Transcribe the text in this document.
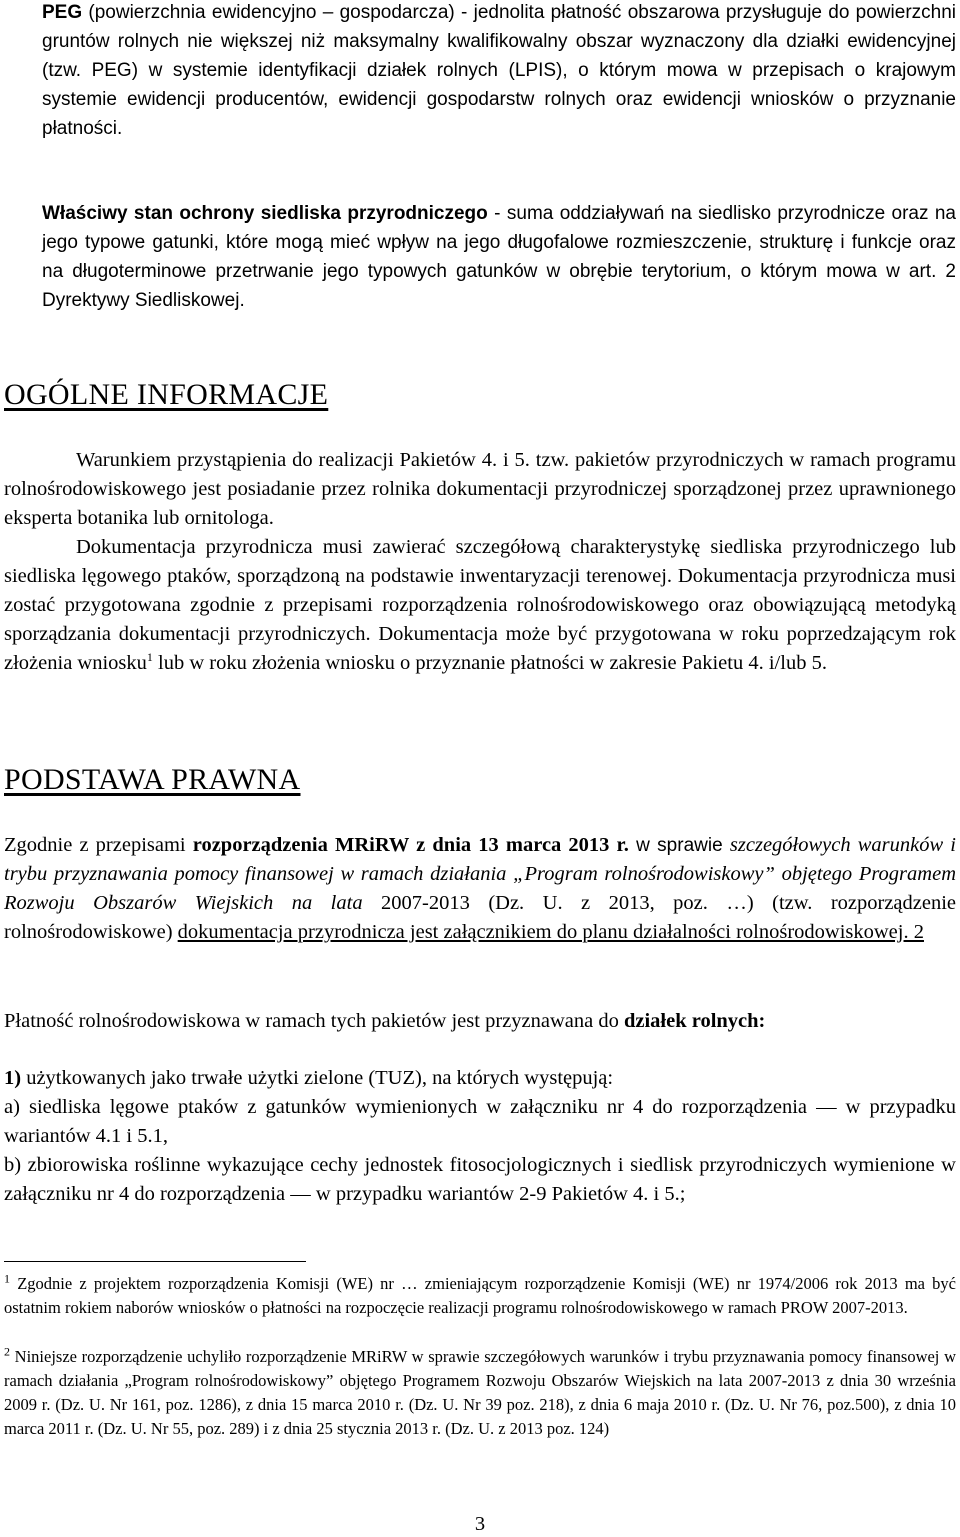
PEG (powierzchnia ewidencyjno – gospodarcza) - jednolita płatność obszarowa przysługuje do powierzchni gruntów rolnych nie większej niż maksymalny kwalifikowalny obszar wyznaczony dla działki ewidencyjnej (tzw. PEG) w systemie identyfikacji działek rolnych (LPIS), o którym mowa w przepisach o krajowym systemie ewidencji producentów, ewidencji gospodarstw rolnych oraz ewidencji wniosków o przyznanie płatności.

Właściwy stan ochrony siedliska przyrodniczego - suma oddziaływań na siedlisko przyrodnicze oraz na jego typowe gatunki, które mogą mieć wpływ na jego długofalowe rozmieszczenie, strukturę i funkcje oraz na długoterminowe przetrwanie jego typowych gatunków w obrębie terytorium, o którym mowa w art. 2 Dyrektywy Siedliskowej.

OGÓLNE INFORMACJE

Warunkiem przystąpienia do realizacji Pakietów 4. i 5. tzw. pakietów przyrodniczych w ramach programu rolnośrodowiskowego jest posiadanie przez rolnika dokumentacji przyrodniczej sporządzonej przez uprawnionego eksperta botanika lub ornitologa.

Dokumentacja przyrodnicza musi zawierać szczegółową charakterystykę siedliska przyrodniczego lub siedliska lęgowego ptaków, sporządzoną na podstawie inwentaryzacji terenowej. Dokumentacja przyrodnicza musi zostać przygotowana zgodnie z przepisami rozporządzenia rolnośrodowiskowego oraz obowiązującą metodyką sporządzania dokumentacji przyrodniczych. Dokumentacja może być przygotowana w roku poprzedzającym rok złożenia wniosku$^1$ lub w roku złożenia wniosku o przyznanie płatności w zakresie Pakietu 4. i/lub 5.

PODSTAWA PRAWNA

Zgodnie z przepisami rozporządzenia MRiRW z dnia 13 marca 2013 r. w sprawie szczegółowych warunków i trybu przyznawania pomocy finansowej w ramach działania „Program rolnośrodowiskowy” objętego Programem Rozwoju Obszarów Wiejskich na lata 2007-2013 (Dz. U. z 2013, poz. …) (tzw. rozporządzenie rolnośrodowiskowe) dokumentacja przyrodnicza jest załącznikiem do planu działalności rolnośrodowiskowej. 2

Płatność rolnośrodowiskowa w ramach tych pakietów jest przyznawana do działek rolnych:

1) użytkowanych jako trwałe użytki zielone (TUZ), na których występują:

a) siedliska lęgowe ptaków z gatunków wymienionych w załączniku nr 4 do rozporządzenia — w przypadku wariantów 4.1 i 5.1,

b) zbiorowiska roślinne wykazujące cechy jednostek fitosocjologicznych i siedlisk przyrodniczych wymienione w załączniku nr 4 do rozporządzenia — w przypadku wariantów 2-9 Pakietów 4. i 5.;

$^1$ Zgodnie z projektem rozporządzenia Komisji (WE) nr … zmieniającym rozporządzenie Komisji (WE) nr 1974/2006 rok 2013 ma być ostatnim rokiem naborów wniosków o płatności na rozpoczęcie realizacji programu rolnośrodowiskowego w ramach PROW 2007-2013.

$^2$ Niniejsze rozporządzenie uchyliło rozporządzenie MRiRW w sprawie szczegółowych warunków i trybu przyznawania pomocy finansowej w ramach działania „Program rolnośrodowiskowy” objętego Programem Rozwoju Obszarów Wiejskich na lata 2007-2013 z dnia 30 września 2009 r. (Dz. U. Nr 161, poz. 1286), z dnia 15 marca 2010 r. (Dz. U. Nr 39 poz. 218), z dnia 6 maja 2010 r. (Dz. U. Nr 76, poz.500), z dnia 10 marca 2011 r. (Dz. U. Nr 55, poz. 289) i z dnia 25 stycznia 2013 r. (Dz. U. z 2013 poz. 124)

3
